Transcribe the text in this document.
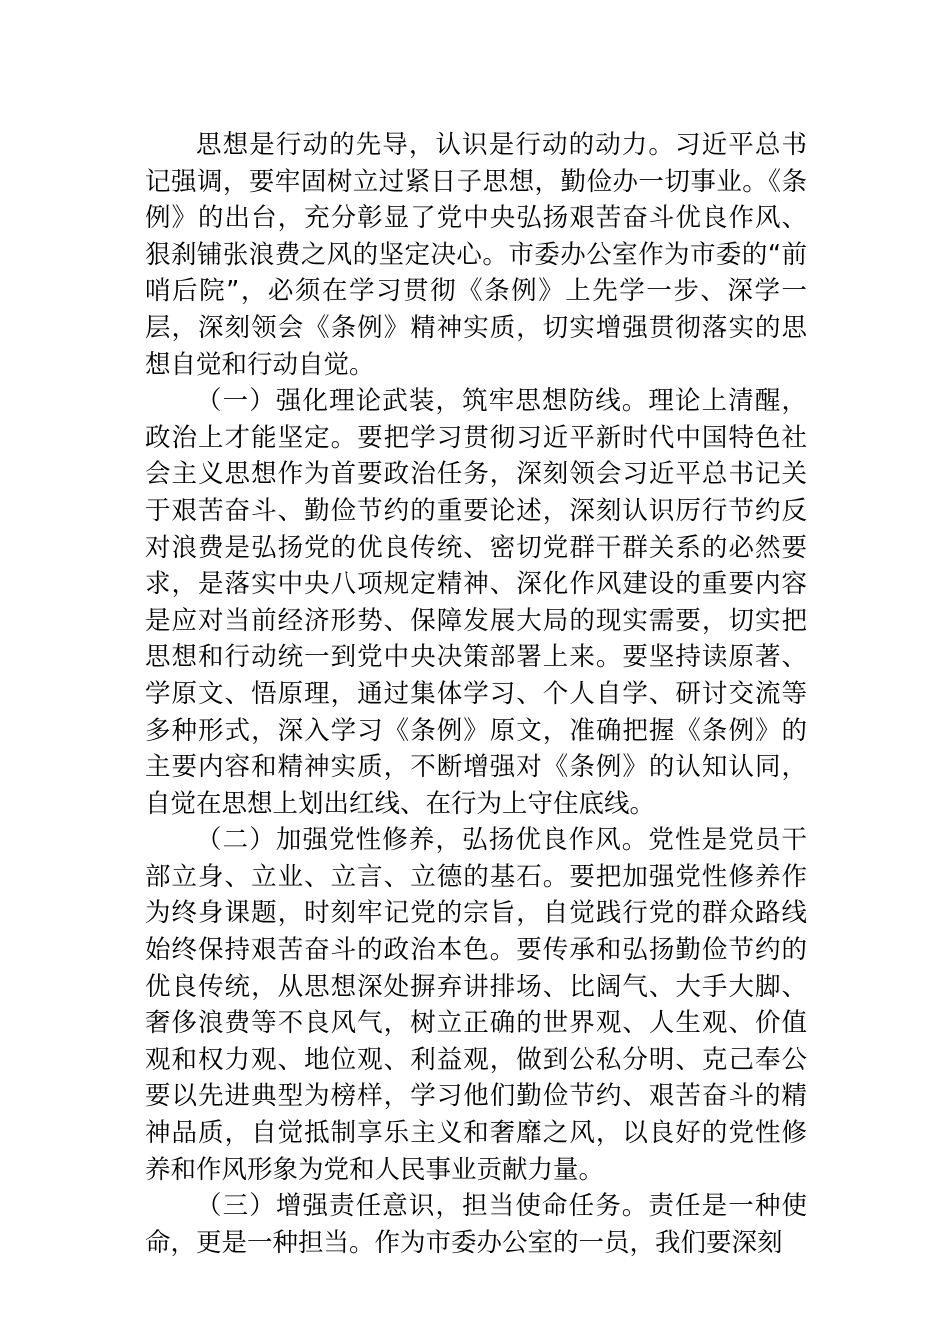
思想是行动的先导，认识是行动的动力。习近平总书记强调，要牢固树立过紧日子思想，勤俭办一切事业。《条例》的出台，充分彰显了党中央弘扬艰苦奋斗优良作风、狠刹铺张浪费之风的坚定决心。市委办公室作为市委的“前哨后院”，必须在学习贯彻《条例》上先学一步、深学一层，深刻领会《条例》精神实质，切实增强贯彻落实的思想自觉和行动自觉。

（一）强化理论武装，筑牢思想防线。理论上清醒，政治上才能坚定。要把学习贯彻习近平新时代中国特色社会主义思想作为首要政治任务，深刻领会习近平总书记关于艰苦奋斗、勤俭节约的重要论述，深刻认识厉行节约反对浪费是弘扬党的优良传统、密切党群干群关系的必然要求，是落实中央八项规定精神、深化作风建设的重要内容是应对当前经济形势、保障发展大局的现实需要，切实把思想和行动统一到党中央决策部署上来。要坚持读原著、学原文、悟原理，通过集体学习、个人自学、研讨交流等多种形式，深入学习《条例》原文，准确把握《条例》的主要内容和精神实质，不断增强对《条例》的认知认同，自觉在思想上划出红线、在行为上守住底线。

（二）加强党性修养，弘扬优良作风。党性是党员干部立身、立业、立言、立德的基石。要把加强党性修养作为终身课题，时刻牢记党的宗旨，自觉践行党的群众路线始终保持艰苦奋斗的政治本色。要传承和弘扬勤俭节约的优良传统，从思想深处摒弃讲排场、比阔气、大手大脚、奢侈浪费等不良风气，树立正确的世界观、人生观、价值观和权力观、地位观、利益观，做到公私分明、克己奉公要以先进典型为榜样，学习他们勤俭节约、艰苦奋斗的精神品质，自觉抵制享乐主义和奢靡之风，以良好的党性修养和作风形象为党和人民事业贡献力量。

（三）增强责任意识，担当使命任务。责任是一种使命，更是一种担当。作为市委办公室的一员，我们要深刻
